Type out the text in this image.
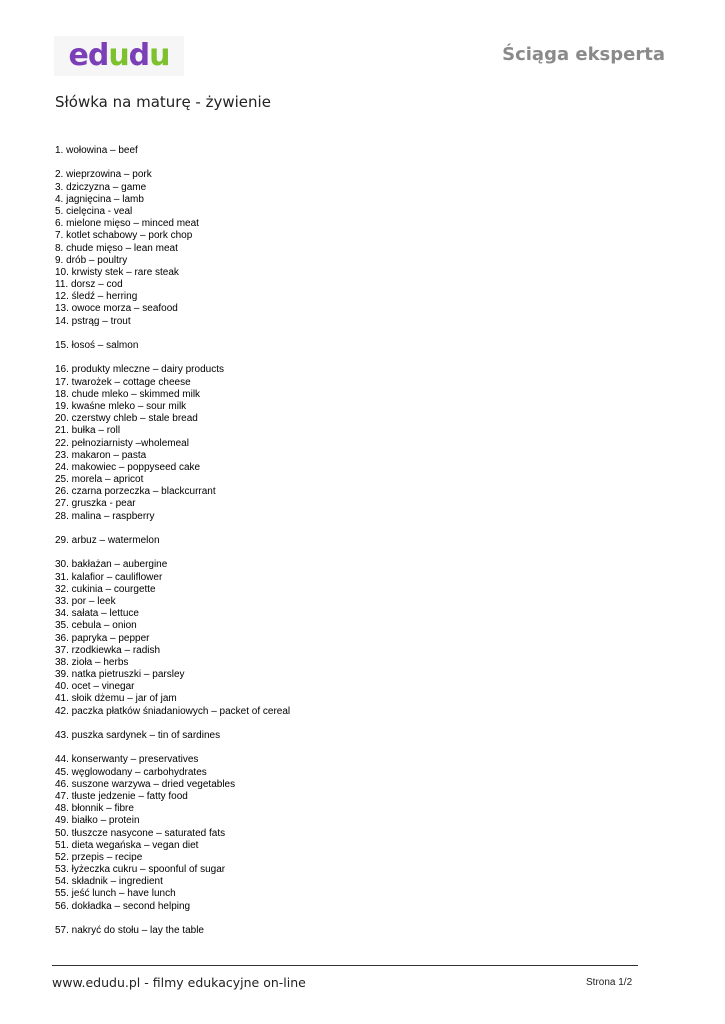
edudu	Ściąga eksperta
Słówka na maturę - żywienie
1. wołowina – beef
2. wieprzowina – pork
3. dziczyzna – game
4. jagnięcina – lamb
5. cielęcina - veal
6. mielone mięso – minced meat
7. kotlet schabowy – pork chop
8. chude mięso – lean meat
9. drób – poultry
10. krwisty stek – rare steak
11. dorsz – cod
12. śledź – herring
13. owoce morza – seafood
14. pstrąg – trout
15. łosoś – salmon
16. produkty mleczne – dairy products
17. twarożek – cottage cheese
18. chude mleko – skimmed milk
19. kwaśne mleko – sour milk
20. czerstwy chleb – stale bread
21. bułka – roll
22. pełnoziarnisty –wholemeal
23. makaron – pasta
24. makowiec – poppyseed cake
25. morela – apricot
26. czarna porzeczka – blackcurrant
27. gruszka - pear
28. malina – raspberry
29. arbuz – watermelon
30. bakłażan – aubergine
31. kalafior – cauliflower
32. cukinia – courgette
33. por – leek
34. sałata – lettuce
35. cebula – onion
36. papryka – pepper
37. rzodkiewka – radish
38. zioła – herbs
39. natka pietruszki – parsley
40. ocet – vinegar
41. słoik dżemu – jar of jam
42. paczka płatków śniadaniowych – packet of cereal
43. puszka sardynek – tin of sardines
44. konserwanty – preservatives
45. węglowodany – carbohydrates
46. suszone warzywa – dried vegetables
47. tłuste jedzenie – fatty food
48. błonnik – fibre
49. białko – protein
50. tłuszcze nasycone – saturated fats
51. dieta wegańska – vegan diet
52. przepis – recipe
53. łyżeczka cukru – spoonful of sugar
54. składnik – ingredient
55. jeść lunch – have lunch
56. dokładka – second helping
57. nakryć do stołu – lay the table
www.edudu.pl - filmy edukacyjne on-line	Strona 1/2
